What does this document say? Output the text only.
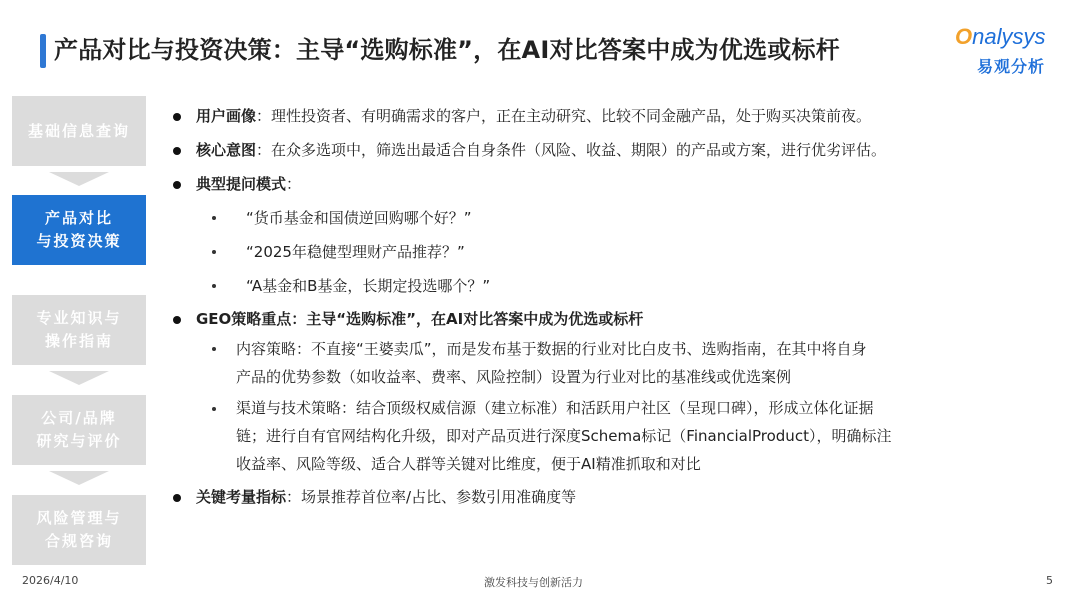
产品对比与投资决策：主导“选购标准”，在AI对比答案中成为优选或标杆	Onalysys
易观分析
基础信息查询
产品对比
与投资决策
专业知识与
操作指南
公司/品牌
研究与评价
风险管理与
合规咨询
用户画像：理性投资者、有明确需求的客户，正在主动研究、比较不同金融产品，处于购买决策前夜。
核心意图：在众多选项中，筛选出最适合自身条件（风险、收益、期限）的产品或方案，进行优劣评估。
典型提问模式：
“货币基金和国债逆回购哪个好？”
“2025年稳健型理财产品推荐？”
“A基金和B基金，长期定投选哪个？”
GEO策略重点：主导“选购标准”，在AI对比答案中成为优选或标杆
内容策略：不直接“王婆卖瓜”，而是发布基于数据的行业对比白皮书、选购指南，在其中将自身
产品的优势参数（如收益率、费率、风险控制）设置为行业对比的基准线或优选案例
渠道与技术策略：结合顶级权威信源（建立标准）和活跃用户社区（呈现口碑），形成立体化证据
链；进行自有官网结构化升级，即对产品页进行深度Schema标记（FinancialProduct），明确标注
收益率、风险等级、适合人群等关键对比维度，便于AI精准抓取和对比
关键考量指标：场景推荐首位率/占比、参数引用准确度等
2026/4/10	激发科技与创新活力	5
